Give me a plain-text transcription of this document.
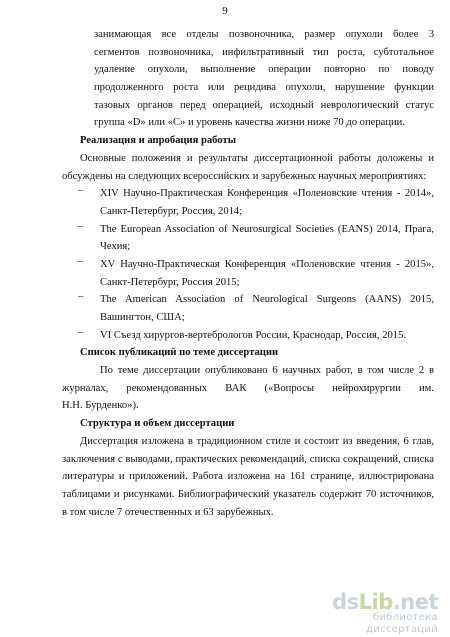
9
занимающая все отделы позвоночника, размер опухоли более 3
сегментов позвоночника, инфильтративный тип роста, субтотальное
удаление опухоли, выполнение операции повторно по поводу
продолженного роста или рецидива опухоли, нарушение функции
тазовых органов перед операцией, исходный неврологический статус
группа «D» или «С» и уровень качества жизни ниже 70 до операции.
Реализация и апробация работы
Основные положения и результаты диссертационной работы доложены и
обсуждены на следующих всероссийских и зарубежных научных мероприятиях:
–	XIV Научно-Практическая Конференция «Поленовские чтения - 2014»,
Санкт-Петербург, Россия, 2014;
–	The European Association of Neurosurgical Societies (EANS) 2014, Прага,
Чехия;
–	XV Научно-Практическая Конференция «Поленовские чтения - 2015»,
Санкт-Петербург, Россия 2015;
–	The American Association of Neurological Surgeons (AANS) 2015,
Вашингтон, США;
–	VI Съезд хирургов-вертебрологов России, Краснодар, Россия, 2015.
Список публикаций по теме диссертации
По теме диссертации опубликовано 6 научных работ, в том числе 2 в
журналах, рекомендованных ВАК («Вопросы нейрохирургии им.
Н.Н. Бурденко»).
Структура и объем диссертации
Диссертация изложена в традиционном стиле и состоит из введения, 6 глав,
заключения с выводами, практических рекомендаций, списка сокращений, списка
литературы и приложений. Работа изложена на 161 странице, иллюстрирована
таблицами и рисунками. Библиографический указатель содержит 70 источников,
в том числе 7 отечественных и 63 зарубежных.
dsLib.net
библиотека диссертаций
